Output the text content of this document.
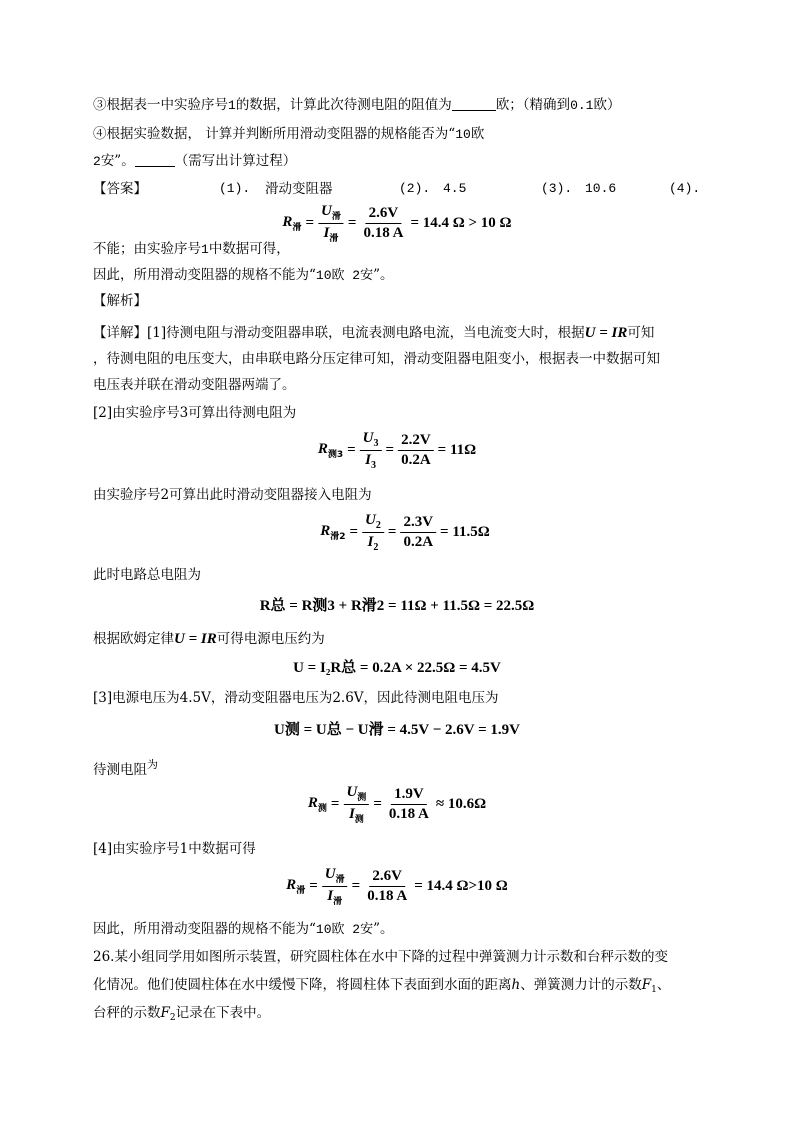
③根据表一中实验序号1的数据，计算此次待测电阻的阻值为	欧；（精确到0.1欧）
④根据实验数据， 计算并判断所用滑动变阻器的规格能否为“10欧
2安”。	（需写出计算过程）
【答案】	(1). 滑动变阻器	(2). 4.5	(3). 10.6	(4).
$R_滑 = \frac{U_滑}{I_滑} = \frac{2.6V}{0.18 A} = 14.4$ Ω > 10 Ω
不能；由实验序号1中数据可得，
因此，所用滑动变阻器的规格不能为“10欧 2安”。
【解析】
【详解】[1]待测电阻与滑动变阻器串联，电流表测电路电流，当电流变大时，根据U = IR可知
，待测电阻的电压变大，由串联电路分压定律可知，滑动变阻器电阻变小，根据表一中数据可知
电压表并联在滑动变阻器两端了。
[2]由实验序号3可算出待测电阻为
$R_{测3} = \frac{U_3}{I_3} = \frac{2.2V}{0.2A} = 11\Omega$
由实验序号2可算出此时滑动变阻器接入电阻为
$R_{滑2} = \frac{U_2}{I_2} = \frac{2.3V}{0.2A} = 11.5\Omega$
此时电路总电阻为
R总 = R测3 + R滑2 = 11Ω + 11.5Ω = 22.5Ω
根据欧姆定律U = IR可得电源电压约为
U = I₂R总 = 0.2A × 22.5Ω = 4.5V
[3]电源电压为4.5V，滑动变阻器电压为2.6V，因此待测电阻电压为
U测 = U总 − U滑 = 4.5V − 2.6V = 1.9V
待测电阻$^为$
$R_测 = \frac{U_测}{I_测} = \frac{1.9V}{0.18 A} \approx 10.6\Omega$
[4]由实验序号1中数据可得
$R_滑 = \frac{U_滑}{I_滑} = \frac{2.6V}{0.18 A} = 14.4$ Ω>10 Ω
因此，所用滑动变阻器的规格不能为“10欧 2安”。
26.某小组同学用如图所示装置，研究圆柱体在水中下降的过程中弹簧测力计示数和台秤示数的变
化情况。他们使圆柱体在水中缓慢下降，将圆柱体下表面到水面的距离h、弹簧测力计的示数$F_1$、
台秤的示数$F_2$记录在下表中。
